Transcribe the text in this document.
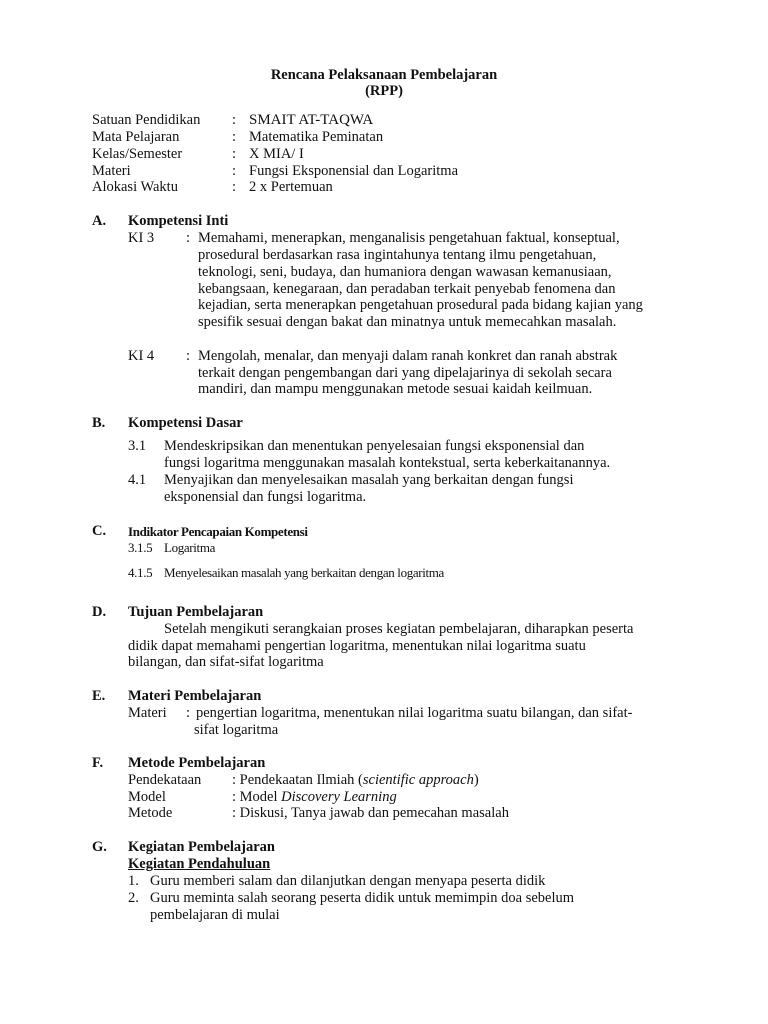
Rencana Pelaksanaan Pembelajaran
(RPP)
Satuan Pendidikan : SMAIT AT-TAQWA
Mata Pelajaran	: Matematika Peminatan
Kelas/Semester	: X MIA/ I
Materi	: Fungsi Eksponensial dan Logaritma
Alokasi Waktu	: 2 x Pertemuan
A. Kompetensi Inti
KI 3 : Memahami, menerapkan, menganalisis pengetahuan faktual, konseptual,
prosedural berdasarkan rasa ingintahunya tentang ilmu pengetahuan,
teknologi, seni, budaya, dan humaniora dengan wawasan kemanusiaan,
kebangsaan, kenegaraan, dan peradaban terkait penyebab fenomena dan
kejadian, serta menerapkan pengetahuan prosedural pada bidang kajian yang
spesifik sesuai dengan bakat dan minatnya untuk memecahkan masalah.
KI 4 : Mengolah, menalar, dan menyaji dalam ranah konkret dan ranah abstrak
terkait dengan pengembangan dari yang dipelajarinya di sekolah secara
mandiri, dan mampu menggunakan metode sesuai kaidah keilmuan.
B. Kompetensi Dasar
3.1 Mendeskripsikan dan menentukan penyelesaian fungsi eksponensial dan
fungsi logaritma menggunakan masalah kontekstual, serta keberkaitanannya.
4.1 Menyajikan dan menyelesaikan masalah yang berkaitan dengan fungsi
eksponensial dan fungsi logaritma.
C. Indikator Pencapaian Kompetensi
3.1.5 Logaritma
4.1.5 Menyelesaikan masalah yang berkaitan dengan logaritma
D. Tujuan Pembelajaran
Setelah mengikuti serangkaian proses kegiatan pembelajaran, diharapkan peserta
didik dapat memahami pengertian logaritma, menentukan nilai logaritma suatu
bilangan, dan sifat-sifat logaritma
E. Materi Pembelajaran
Materi : pengertian logaritma, menentukan nilai logaritma suatu bilangan, dan sifat-
sifat logaritma
F. Metode Pembelajaran
Pendekataan : Pendekaatan Ilmiah (scientific approach)
Model	: Model Discovery Learning
Metode	: Diskusi, Tanya jawab dan pemecahan masalah
G. Kegiatan Pembelajaran
Kegiatan Pendahuluan
1. Guru memberi salam dan dilanjutkan dengan menyapa peserta didik
2. Guru meminta salah seorang peserta didik untuk memimpin doa sebelum
pembelajaran di mulai
